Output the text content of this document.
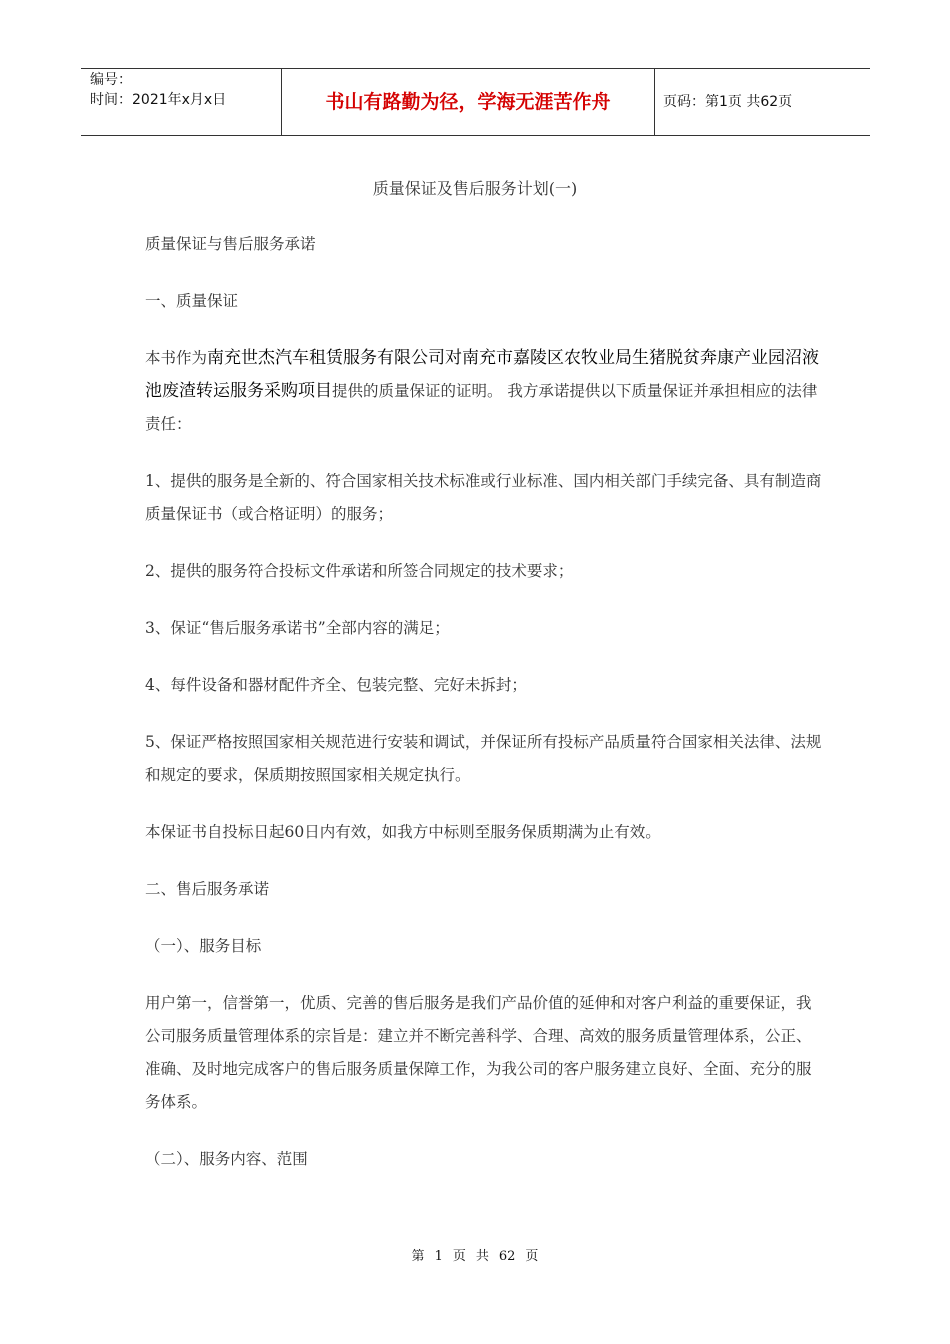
编号：
时间：2021年x月x日	书山有路勤为径，学海无涯苦作舟	页码：第1页 共62页
质量保证及售后服务计划(一)

质量保证与售后服务承诺

一、质量保证

本书作为南充世杰汽车租赁服务有限公司对南充市嘉陵区农牧业局生猪脱贫奔康产业园沼液池废渣转运服务采购项目提供的质量保证的证明。 我方承诺提供以下质量保证并承担相应的法律责任：

1、提供的服务是全新的、符合国家相关技术标准或行业标准、国内相关部门手续完备、具有制造商质量保证书（或合格证明）的服务；

2、提供的服务符合投标文件承诺和所签合同规定的技术要求；

3、保证“售后服务承诺书”全部内容的满足；

4、每件设备和器材配件齐全、包装完整、完好未拆封；

5、保证严格按照国家相关规范进行安装和调试，并保证所有投标产品质量符合国家相关法律、法规和规定的要求，保质期按照国家相关规定执行。

本保证书自投标日起60日内有效，如我方中标则至服务保质期满为止有效。

二、售后服务承诺

（一）、服务目标

用户第一，信誉第一，优质、完善的售后服务是我们产品价值的延伸和对客户利益的重要保证，我公司服务质量管理体系的宗旨是：建立并不断完善科学、合理、高效的服务质量管理体系，公正、准确、及时地完成客户的售后服务质量保障工作，为我公司的客户服务建立良好、全面、充分的服务体系。

（二）、服务内容、范围

第 1 页 共 62 页
